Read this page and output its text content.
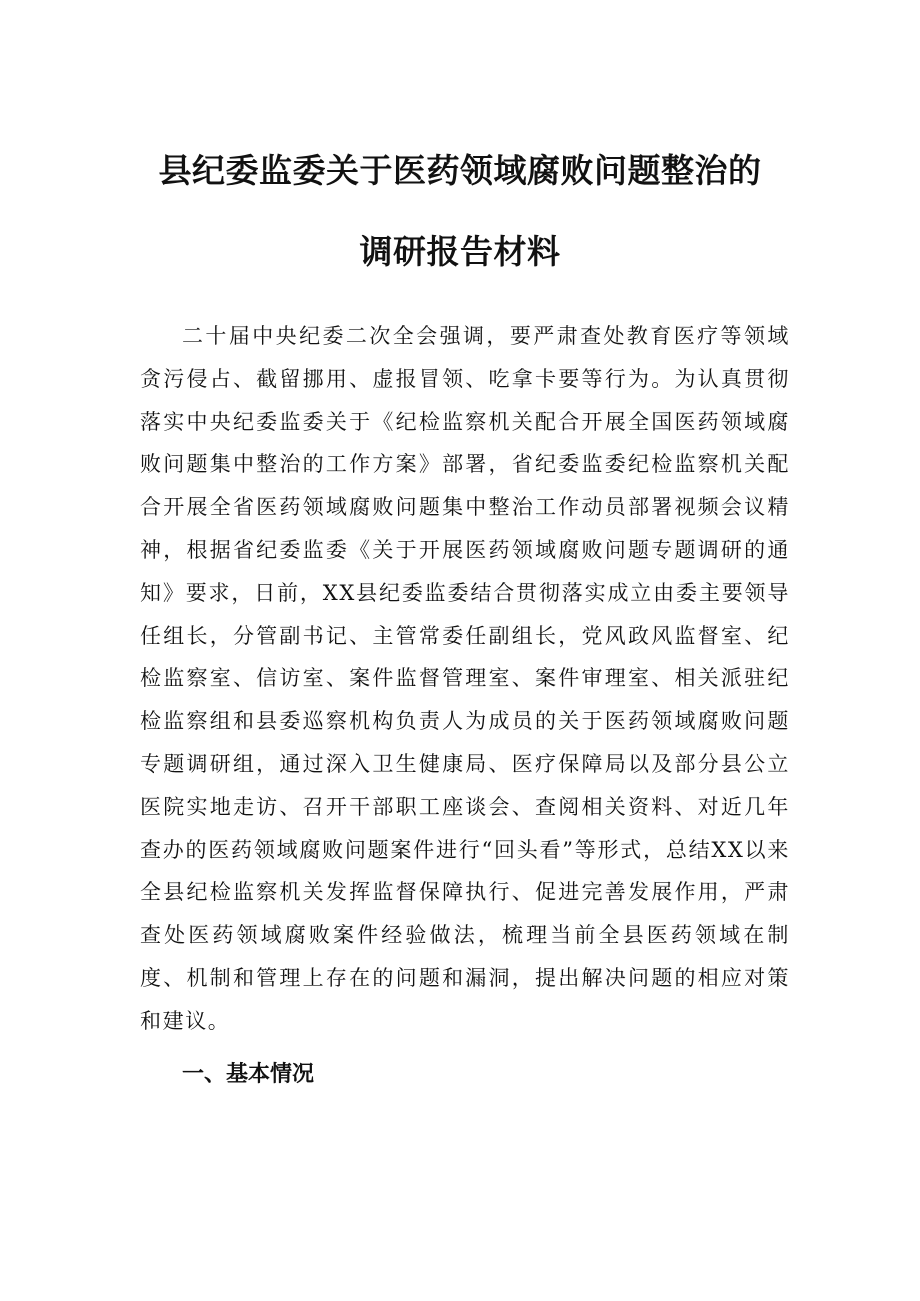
县纪委监委关于医药领域腐败问题整治的
调研报告材料

二十届中央纪委二次全会强调，要严肃查处教育医疗等领域贪污侵占、截留挪用、虚报冒领、吃拿卡要等行为。为认真贯彻落实中央纪委监委关于《纪检监察机关配合开展全国医药领域腐败问题集中整治的工作方案》部署，省纪委监委纪检监察机关配合开展全省医药领域腐败问题集中整治工作动员部署视频会议精神，根据省纪委监委《关于开展医药领域腐败问题专题调研的通知》要求，日前，XX县纪委监委结合贯彻落实成立由委主要领导任组长，分管副书记、主管常委任副组长，党风政风监督室、纪检监察室、信访室、案件监督管理室、案件审理室、相关派驻纪检监察组和县委巡察机构负责人为成员的关于医药领域腐败问题专题调研组，通过深入卫生健康局、医疗保障局以及部分县公立医院实地走访、召开干部职工座谈会、查阅相关资料、对近几年查办的医药领域腐败问题案件进行“回头看”等形式，总结XX以来全县纪检监察机关发挥监督保障执行、促进完善发展作用，严肃查处医药领域腐败案件经验做法，梳理当前全县医药领域在制度、机制和管理上存在的问题和漏洞，提出解决问题的相应对策和建议。

一、基本情况
